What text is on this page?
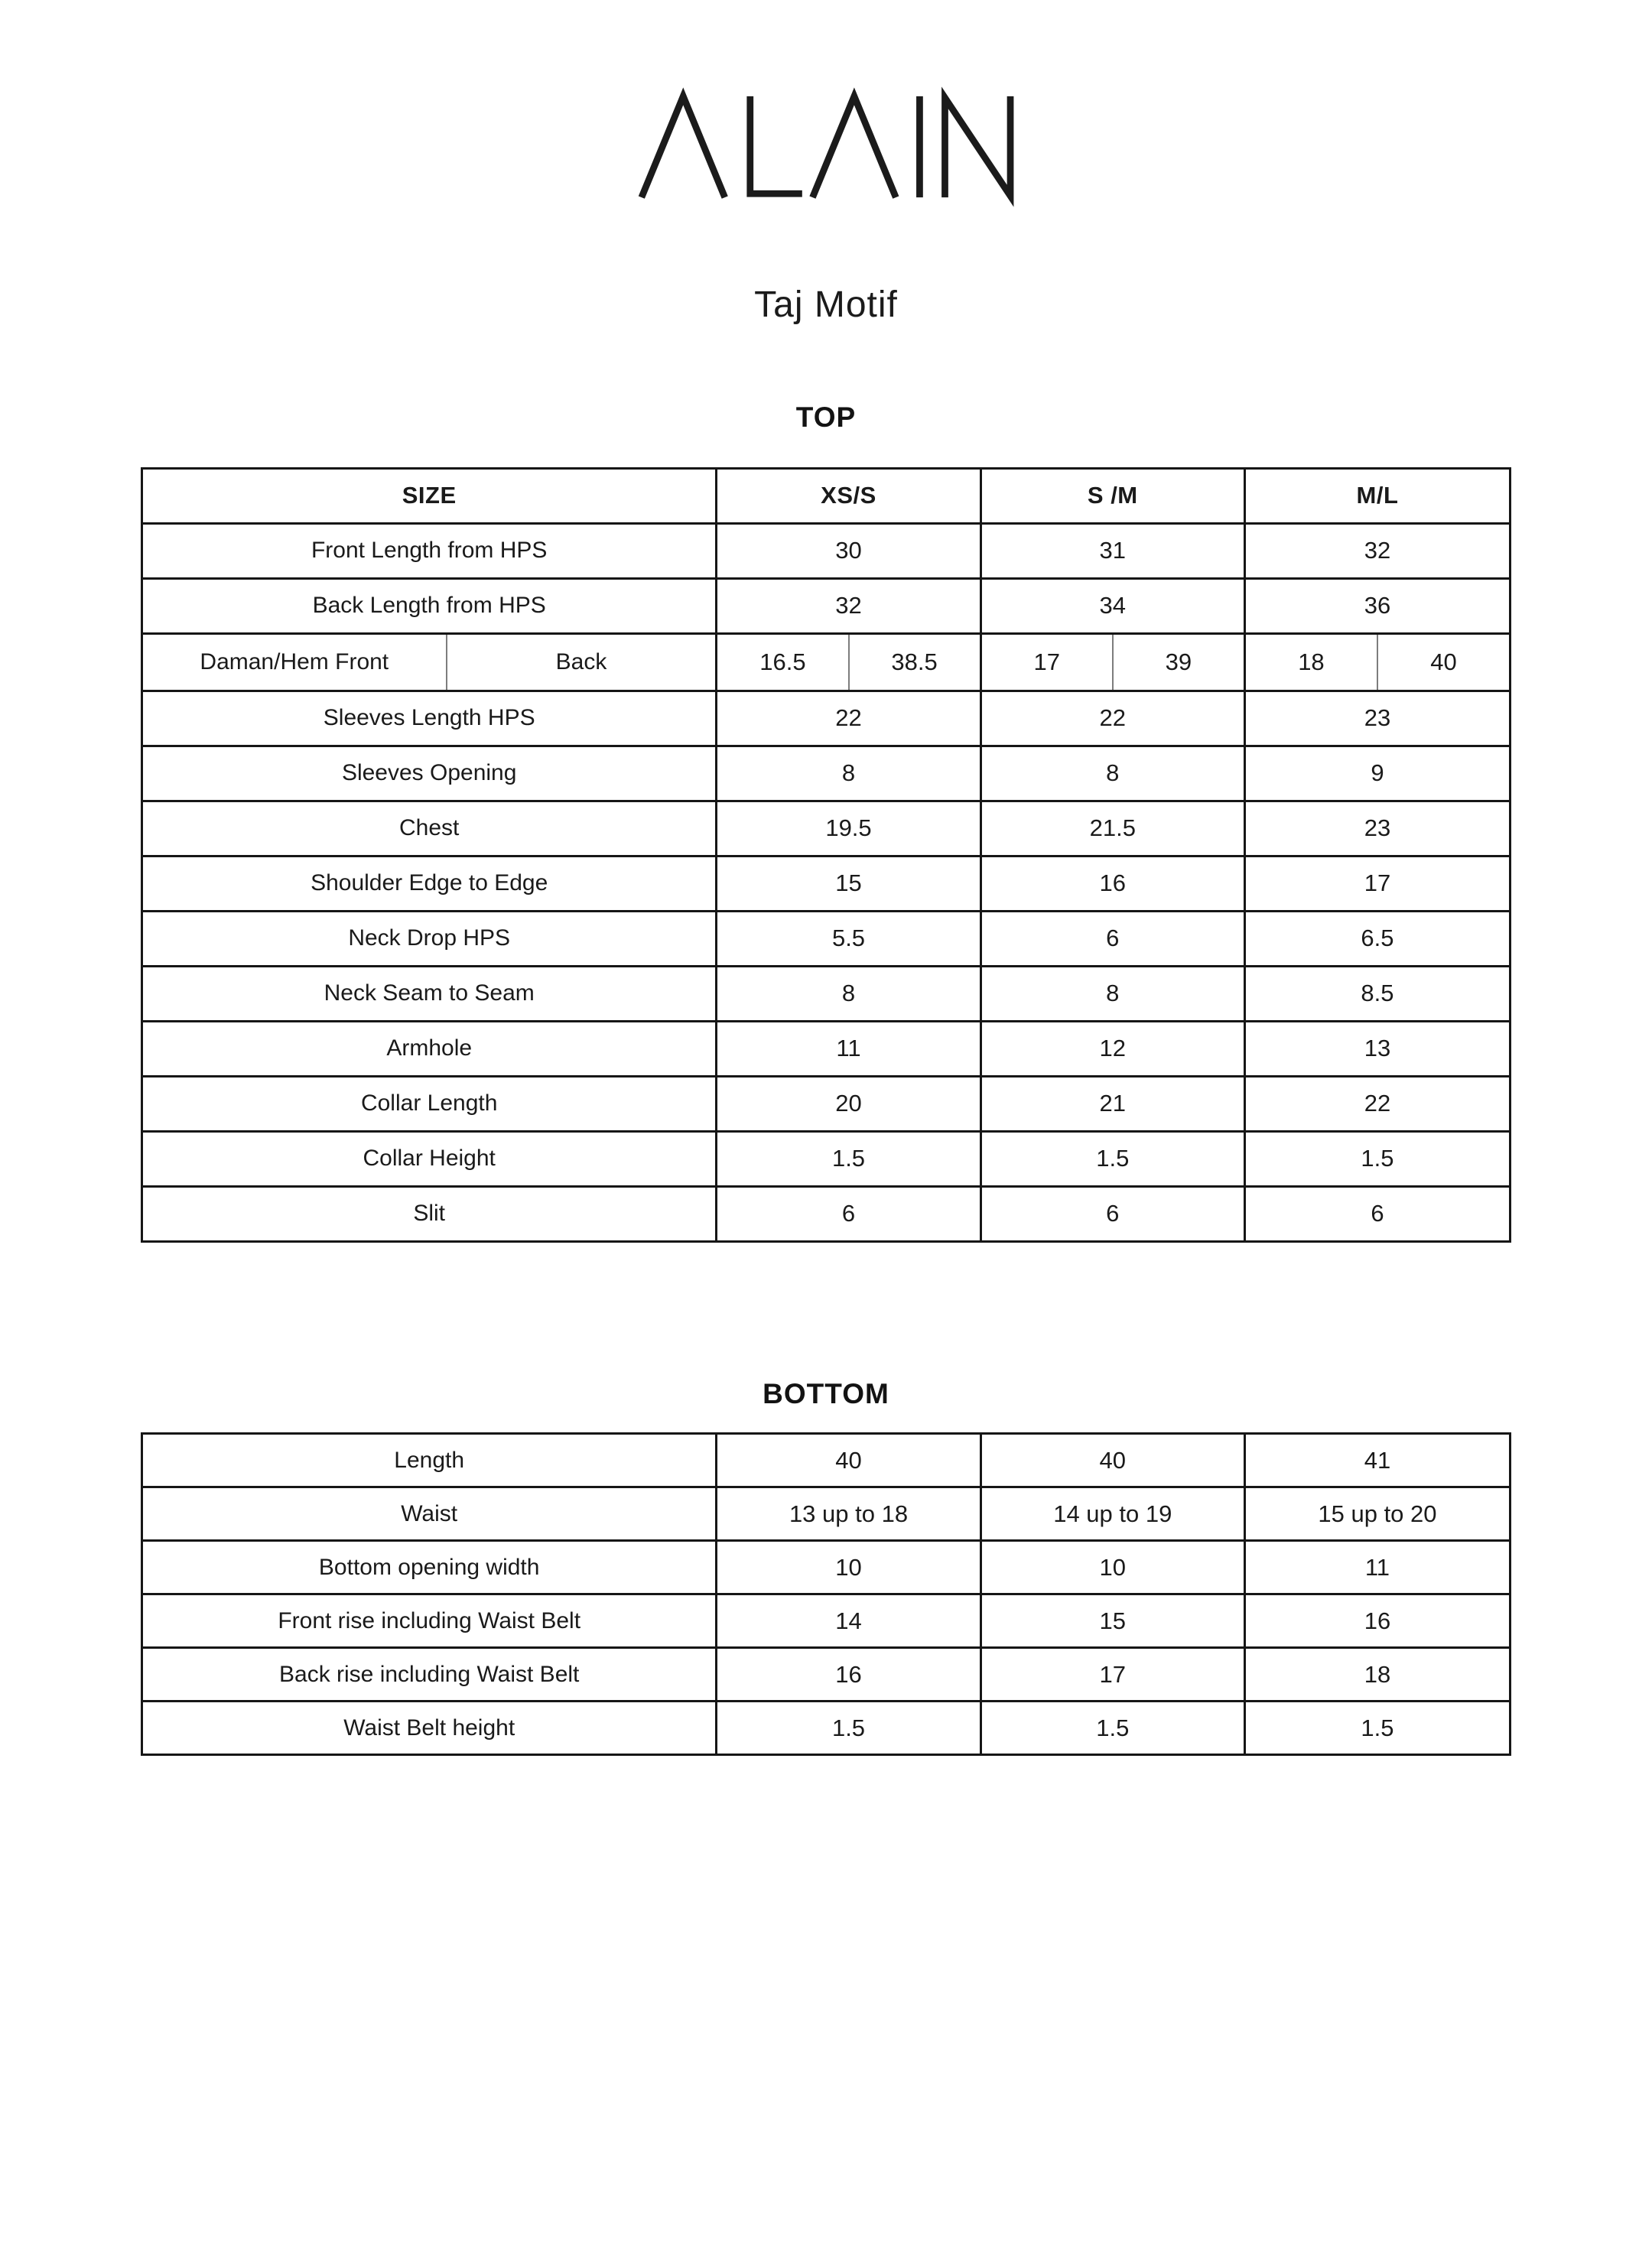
Taj Motif
TOP
SIZE	XS/S	S /M	M/L
Front Length from HPS	30	31	32
Back Length from HPS	32	34	36

Daman/Hem Front Back	16.5 38.5	17 39	18 40

Sleeves Length HPS	22	22	23
Sleeves Opening	8	8	9
Chest	19.5	21.5	23
Shoulder Edge to Edge	15	16	17
Neck Drop HPS	5.5	6	6.5
Neck Seam to Seam	8	8	8.5
Armhole	11	12	13
Collar Length	20	21	22
Collar Height	1.5	1.5	1.5
Slit	6	6	6
BOTTOM
Length	40	40	41
Waist	13 up to 18	14 up to 19	15 up to 20
Bottom opening width	10	10	11
Front rise including Waist Belt	14	15	16
Back rise including Waist Belt	16	17	18
Waist Belt height	1.5	1.5	1.5
